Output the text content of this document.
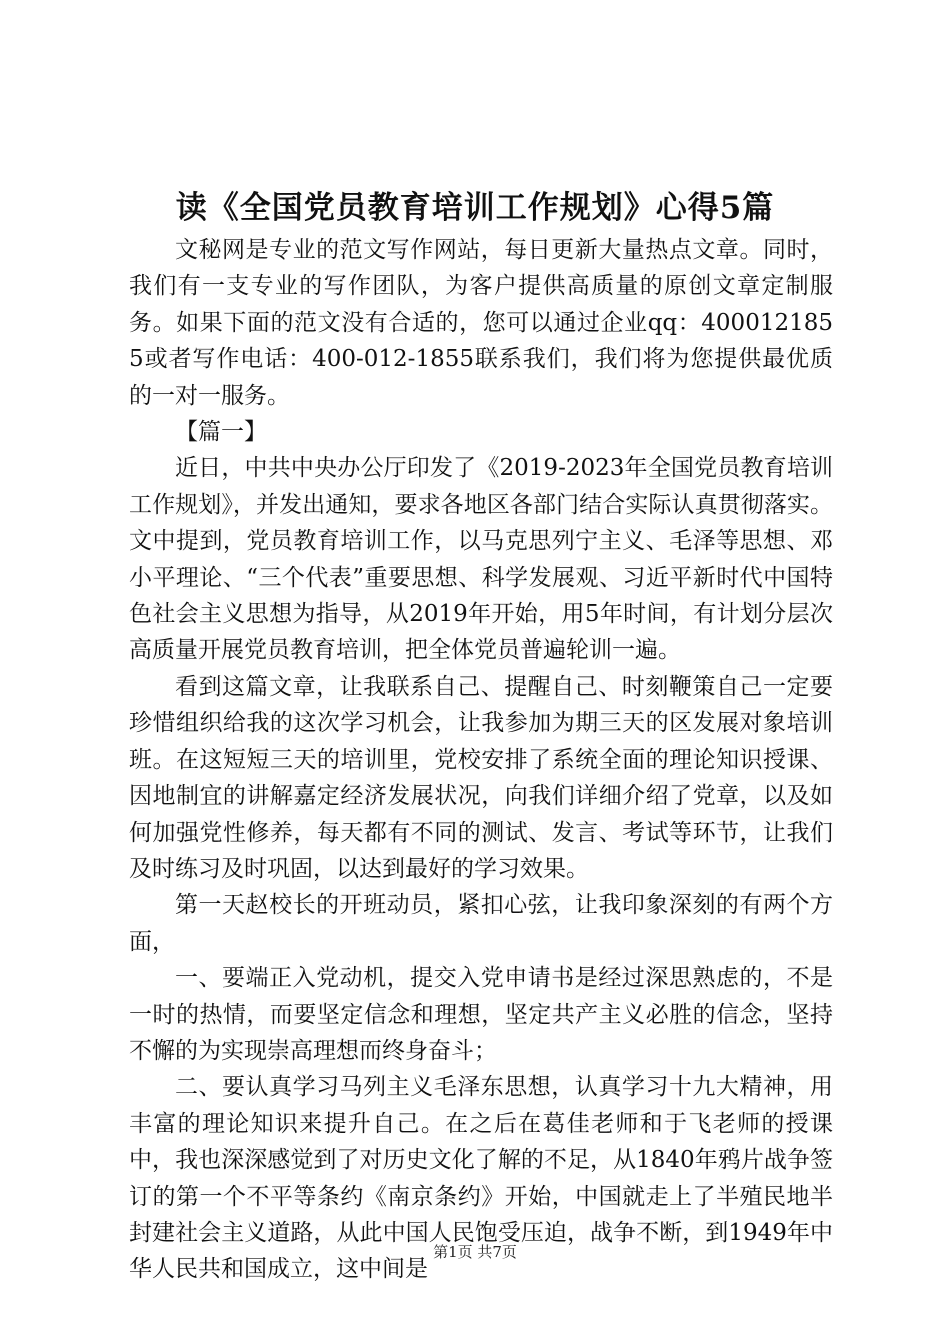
读《全国党员教育培训工作规划》心得5篇

文秘网是专业的范文写作网站，每日更新大量热点文章。同时，我们有一支专业的写作团队，为客户提供高质量的原创文章定制服务。如果下面的范文没有合适的，您可以通过企业qq：4000121855或者写作电话：400-012-1855联系我们，我们将为您提供最优质的一对一服务。

【篇一】

近日，中共中央办公厅印发了《2019-2023年全国党员教育培训工作规划》，并发出通知，要求各地区各部门结合实际认真贯彻落实。文中提到，党员教育培训工作，以马克思列宁主义、毛泽等思想、邓小平理论、“三个代表”重要思想、科学发展观、习近平新时代中国特色社会主义思想为指导，从2019年开始，用5年时间，有计划分层次高质量开展党员教育培训，把全体党员普遍轮训一遍。

看到这篇文章，让我联系自己、提醒自己、时刻鞭策自己一定要珍惜组织给我的这次学习机会，让我参加为期三天的区发展对象培训班。在这短短三天的培训里，党校安排了系统全面的理论知识授课、因地制宜的讲解嘉定经济发展状况，向我们详细介绍了党章，以及如何加强党性修养，每天都有不同的测试、发言、考试等环节，让我们及时练习及时巩固，以达到最好的学习效果。

第一天赵校长的开班动员，紧扣心弦，让我印象深刻的有两个方面，

一、要端正入党动机，提交入党申请书是经过深思熟虑的，不是一时的热情，而要坚定信念和理想，坚定共产主义必胜的信念，坚持不懈的为实现崇高理想而终身奋斗；

二、要认真学习马列主义毛泽东思想，认真学习十九大精神，用丰富的理论知识来提升自己。在之后在葛佳老师和于飞老师的授课中，我也深深感觉到了对历史文化了解的不足，从1840年鸦片战争签订的第一个不平等条约《南京条约》开始，中国就走上了半殖民地半封建社会主义道路，从此中国人民饱受压迫，战争不断，到1949年中华人民共和国成立，这中间是

第1页 共7页
